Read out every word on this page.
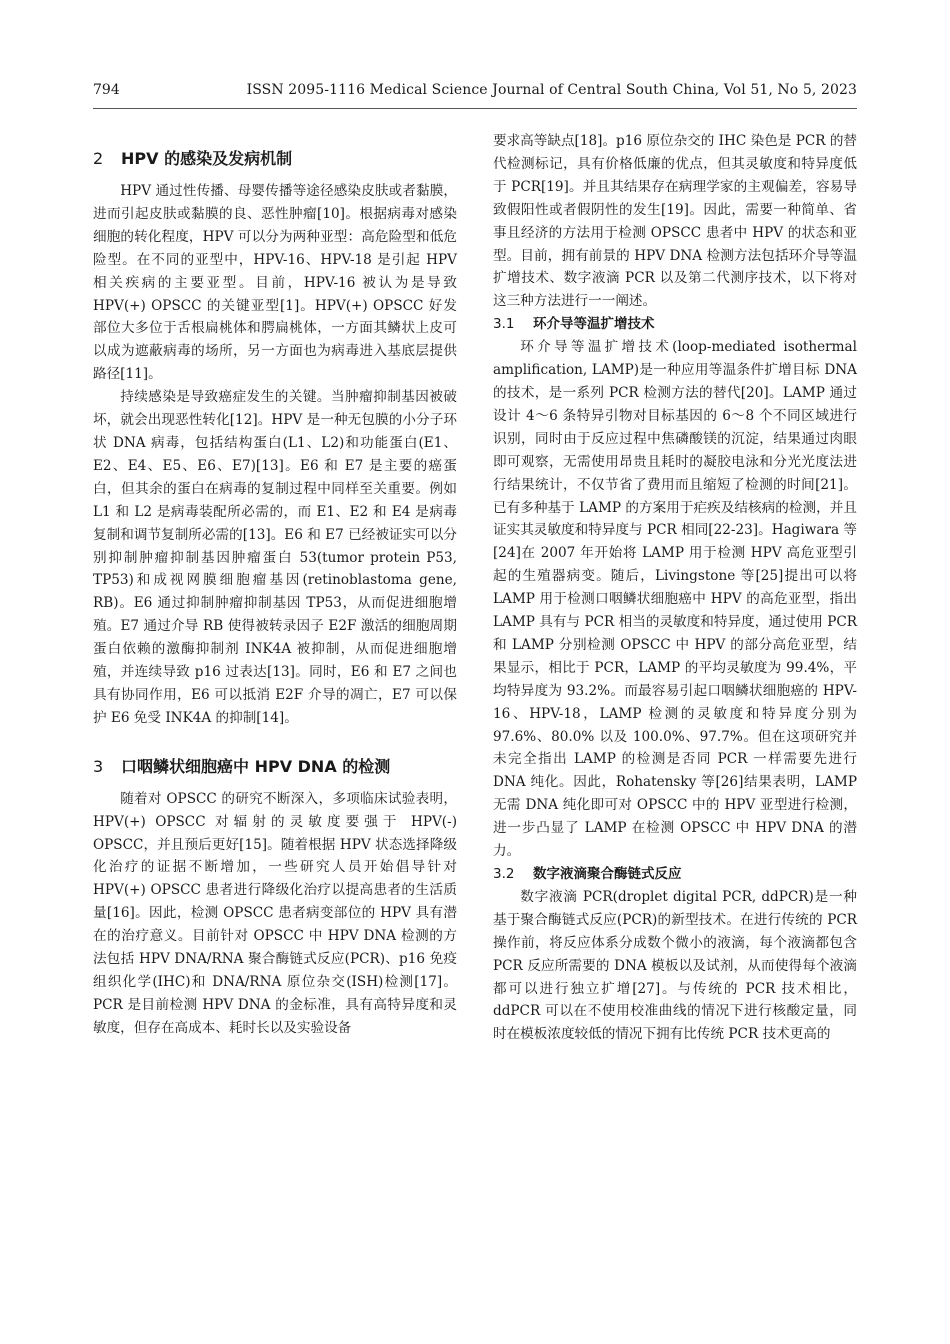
794	ISSN 2095-1116 Medical Science Journal of Central South China, Vol 51, No 5, 2023
2 HPV 的感染及发病机制

HPV 通过性传播、母婴传播等途径感染皮肤或者黏膜，进而引起皮肤或黏膜的良、恶性肿瘤[10]。根据病毒对感染细胞的转化程度，HPV 可以分为两种亚型：高危险型和低危险型。在不同的亚型中，HPV-16、HPV-18 是引起 HPV 相关疾病的主要亚型。目前，HPV-16 被认为是导致 HPV(+) OPSCC 的关键亚型[1]。HPV(+) OPSCC 好发部位大多位于舌根扁桃体和腭扁桃体，一方面其鳞状上皮可以成为遮蔽病毒的场所，另一方面也为病毒进入基底层提供路径[11]。

持续感染是导致癌症发生的关键。当肿瘤抑制基因被破坏，就会出现恶性转化[12]。HPV 是一种无包膜的小分子环状 DNA 病毒，包括结构蛋白(L1、L2)和功能蛋白(E1、E2、E4、E5、E6、E7)[13]。E6 和 E7 是主要的癌蛋白，但其余的蛋白在病毒的复制过程中同样至关重要。例如 L1 和 L2 是病毒装配所必需的，而 E1、E2 和 E4 是病毒复制和调节复制所必需的[13]。E6 和 E7 已经被证实可以分别抑制肿瘤抑制基因肿瘤蛋白 53(tumor protein P53, TP53)和成视网膜细胞瘤基因(retinoblastoma gene, RB)。E6 通过抑制肿瘤抑制基因 TP53，从而促进细胞增殖。E7 通过介导 RB 使得被转录因子 E2F 激活的细胞周期蛋白依赖的激酶抑制剂 INK4A 被抑制，从而促进细胞增殖，并连续导致 p16 过表达[13]。同时，E6 和 E7 之间也具有协同作用，E6 可以抵消 E2F 介导的凋亡，E7 可以保护 E6 免受 INK4A 的抑制[14]。

3 口咽鳞状细胞癌中 HPV DNA 的检测

随着对 OPSCC 的研究不断深入，多项临床试验表明，HPV(+) OPSCC 对辐射的灵敏度要强于 HPV(-) OPSCC，并且预后更好[15]。随着根据 HPV 状态选择降级化治疗的证据不断增加，一些研究人员开始倡导针对 HPV(+) OPSCC 患者进行降级化治疗以提高患者的生活质量[16]。因此，检测 OPSCC 患者病变部位的 HPV 具有潜在的治疗意义。目前针对 OPSCC 中 HPV DNA 检测的方法包括 HPV DNA/RNA 聚合酶链式反应(PCR)、p16 免疫组织化学(IHC)和 DNA/RNA 原位杂交(ISH)检测[17]。PCR 是目前检测 HPV DNA 的金标准，具有高特异度和灵敏度，但存在高成本、耗时长以及实验设备

要求高等缺点[18]。p16 原位杂交的 IHC 染色是 PCR 的替代检测标记，具有价格低廉的优点，但其灵敏度和特异度低于 PCR[19]。并且其结果存在病理学家的主观偏差，容易导致假阳性或者假阴性的发生[19]。因此，需要一种简单、省事且经济的方法用于检测 OPSCC 患者中 HPV 的状态和亚型。目前，拥有前景的 HPV DNA 检测方法包括环介导等温扩增技术、数字液滴 PCR 以及第二代测序技术，以下将对这三种方法进行一一阐述。

3.1 环介导等温扩增技术

环介导等温扩增技术(loop-mediated isothermal amplification, LAMP)是一种应用等温条件扩增目标 DNA 的技术，是一系列 PCR 检测方法的替代[20]。LAMP 通过设计 4～6 条特异引物对目标基因的 6～8 个不同区域进行识别，同时由于反应过程中焦磷酸镁的沉淀，结果通过肉眼即可观察，无需使用昂贵且耗时的凝胶电泳和分光光度法进行结果统计，不仅节省了费用而且缩短了检测的时间[21]。已有多种基于 LAMP 的方案用于疟疾及结核病的检测，并且证实其灵敏度和特异度与 PCR 相同[22-23]。Hagiwara 等[24]在 2007 年开始将 LAMP 用于检测 HPV 高危亚型引起的生殖器病变。随后，Livingstone 等[25]提出可以将 LAMP 用于检测口咽鳞状细胞癌中 HPV 的高危亚型，指出 LAMP 具有与 PCR 相当的灵敏度和特异度，通过使用 PCR 和 LAMP 分别检测 OPSCC 中 HPV 的部分高危亚型，结果显示，相比于 PCR，LAMP 的平均灵敏度为 99.4%，平均特异度为 93.2%。而最容易引起口咽鳞状细胞癌的 HPV-16、HPV-18，LAMP 检测的灵敏度和特异度分别为 97.6%、80.0% 以及 100.0%、97.7%。但在这项研究并未完全指出 LAMP 的检测是否同 PCR 一样需要先进行 DNA 纯化。因此，Rohatensky 等[26]结果表明，LAMP 无需 DNA 纯化即可对 OPSCC 中的 HPV 亚型进行检测，进一步凸显了 LAMP 在检测 OPSCC 中 HPV DNA 的潜力。

3.2 数字液滴聚合酶链式反应

数字液滴 PCR(droplet digital PCR, ddPCR)是一种基于聚合酶链式反应(PCR)的新型技术。在进行传统的 PCR 操作前，将反应体系分成数个微小的液滴，每个液滴都包含 PCR 反应所需要的 DNA 模板以及试剂，从而使得每个液滴都可以进行独立扩增[27]。与传统的 PCR 技术相比，ddPCR 可以在不使用校准曲线的情况下进行核酸定量，同时在模板浓度较低的情况下拥有比传统 PCR 技术更高的
